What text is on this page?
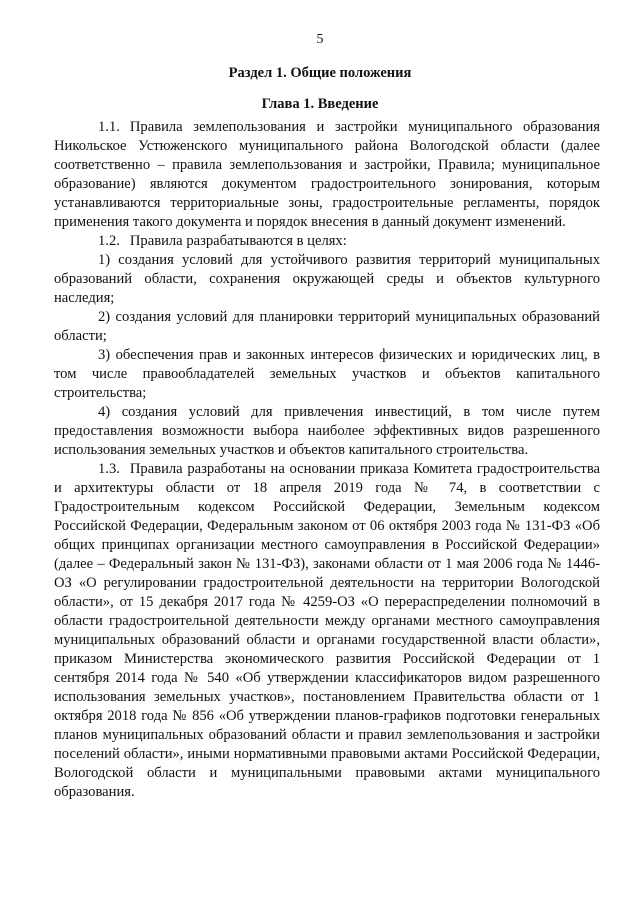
5
Раздел 1. Общие положения
Глава 1. Введение

1.1. Правила землепользования и застройки муниципального образования Никольское Устюженского муниципального района Вологодской области (далее соответственно – правила землепользования и застройки, Правила; муниципальное образование) являются документом градостроительного зонирования, которым устанавливаются территориальные зоны, градостроительные регламенты, порядок применения такого документа и порядок внесения в данный документ изменений.

1.2. Правила разрабатываются в целях:

1) создания условий для устойчивого развития территорий муниципальных образований области, сохранения окружающей среды и объектов культурного наследия;

2) создания условий для планировки территорий муниципальных образований области;

3) обеспечения прав и законных интересов физических и юридических лиц, в том числе правообладателей земельных участков и объектов капитального строительства;

4) создания условий для привлечения инвестиций, в том числе путем предоставления возможности выбора наиболее эффективных видов разрешенного использования земельных участков и объектов капитального строительства.

1.3. Правила разработаны на основании приказа Комитета градостроительства и архитектуры области от 18 апреля 2019 года № 74, в соответствии с Градостроительным кодексом Российской Федерации, Земельным кодексом Российской Федерации, Федеральным законом от 06 октября 2003 года № 131-ФЗ «Об общих принципах организации местного самоуправления в Российской Федерации» (далее – Федеральный закон № 131-ФЗ), законами области от 1 мая 2006 года № 1446-ОЗ «О регулировании градостроительной деятельности на территории Вологодской области», от 15 декабря 2017 года № 4259-ОЗ «О перераспределении полномочий в области градостроительной деятельности между органами местного самоуправления муниципальных образований области и органами государственной власти области», приказом Министерства экономического развития Российской Федерации от 1 сентября 2014 года № 540 «Об утверждении классификаторов видом разрешенного использования земельных участков», постановлением Правительства области от 1 октября 2018 года № 856 «Об утверждении планов-графиков подготовки генеральных планов муниципальных образований области и правил землепользования и застройки поселений области», иными нормативными правовыми актами Российской Федерации, Вологодской области и муниципальными правовыми актами муниципального образования.
